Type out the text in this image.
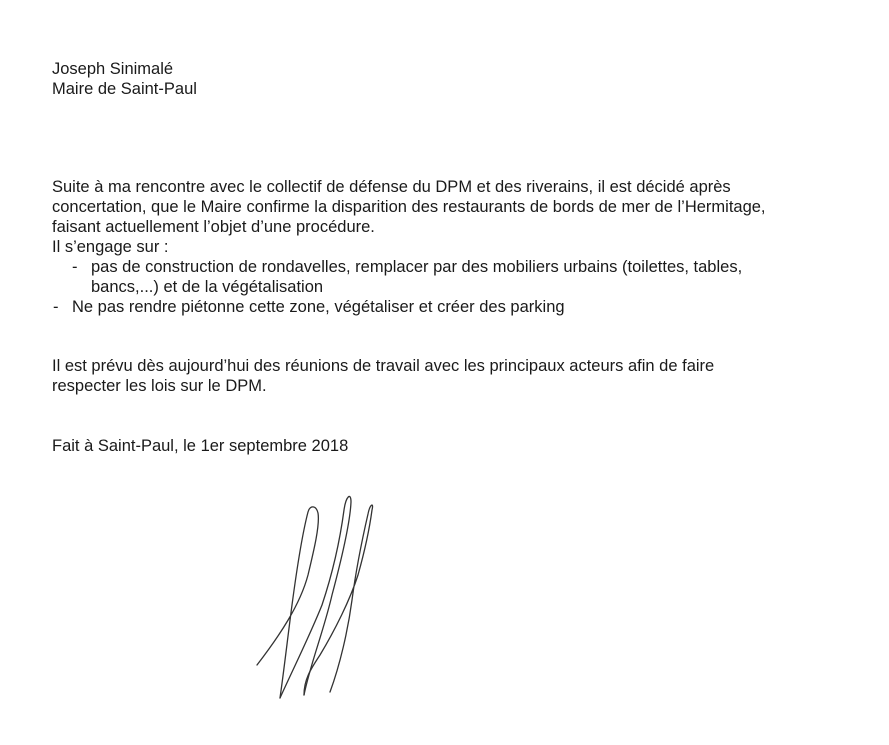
Joseph Sinimalé
Maire de Saint-Paul
Suite à ma rencontre avec le collectif de défense du DPM et des riverains, il est décidé après
concertation, que le Maire confirme la disparition des restaurants de bords de mer de l’Hermitage,
faisant actuellement l’objet d’une procédure.
Il s’engage sur :
- pas de construction de rondavelles, remplacer par des mobiliers urbains (toilettes, tables,
bancs,...) et de la végétalisation
- Ne pas rendre piétonne cette zone, végétaliser et créer des parking
Il est prévu dès aujourd’hui des réunions de travail avec les principaux acteurs afin de faire
respecter les lois sur le DPM.
Fait à Saint-Paul, le 1er septembre 2018
